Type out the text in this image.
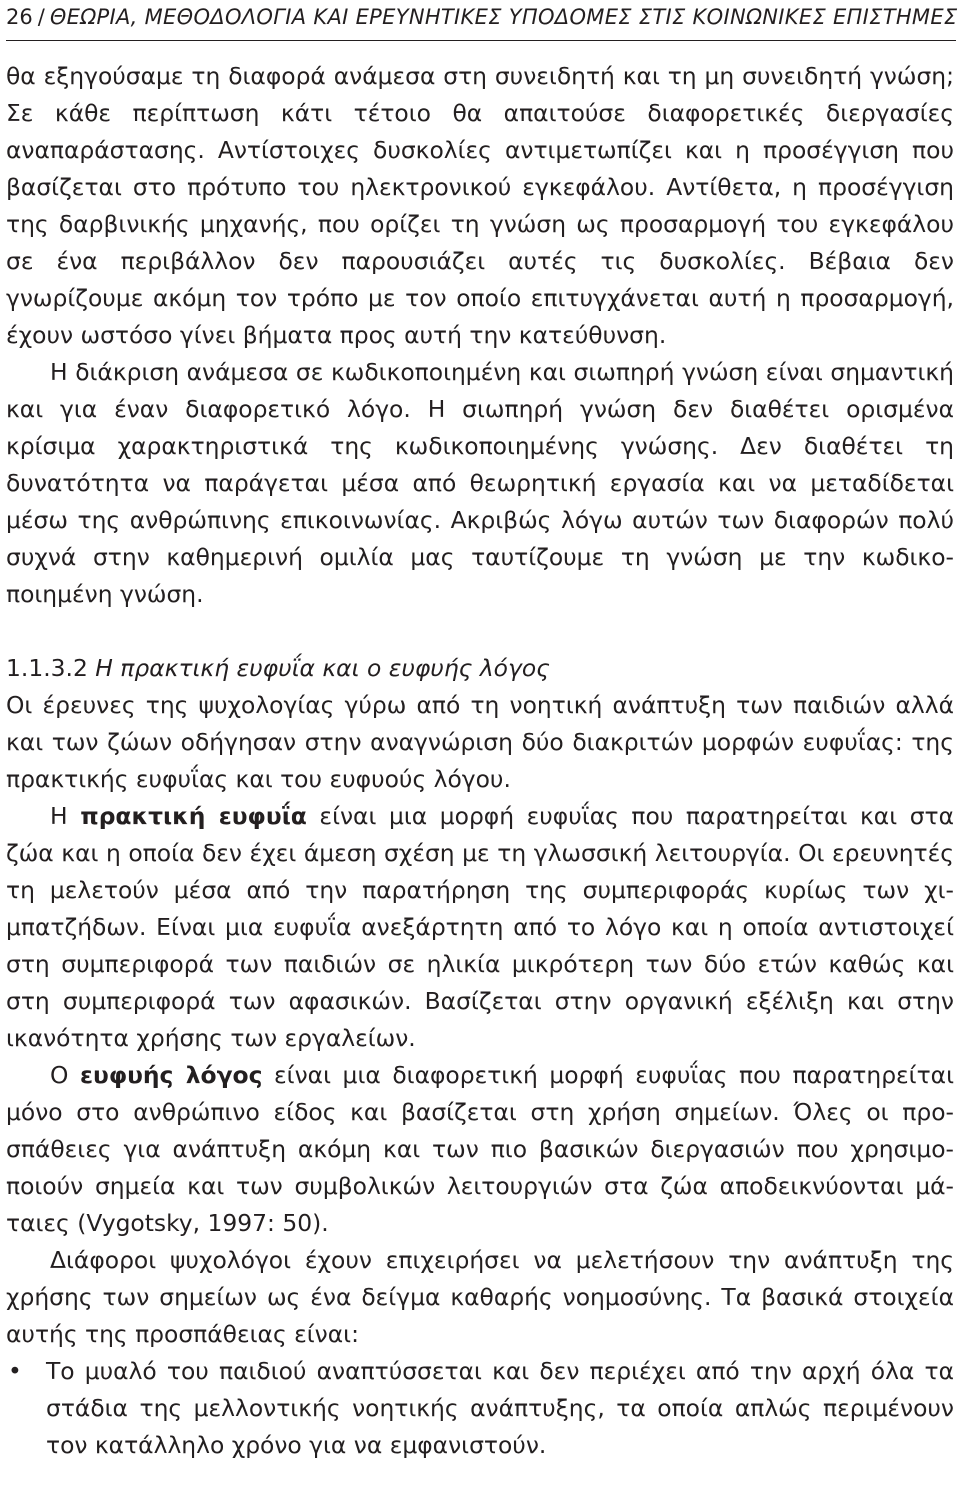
26 / ΘΕΩΡΙΑ, ΜΕΘΟΔΟΛΟΓΙΑ ΚΑΙ ΕΡΕΥΝΗΤΙΚΕΣ ΥΠΟΔΟΜΕΣ ΣΤΙΣ ΚΟΙΝΩΝΙΚΕΣ ΕΠΙΣΤΗΜΕΣ

θα εξηγούσαμε τη διαφορά ανάμεσα στη συνειδητή και τη μη συνειδητή γνώση; Σε κάθε περίπτωση κάτι τέτοιο θα απαιτούσε διαφορετικές διεργασίες αναπαράστασης. Αντίστοιχες δυσκολίες αντιμετωπίζει και η προσέγγιση που βασίζεται στο πρότυπο του ηλεκτρονικού εγκεφάλου. Αντίθετα, η προσέγγιση της δαρβινικής μηχανής, που ορίζει τη γνώση ως προσαρμογή του εγκεφάλου σε ένα περιβάλλον δεν παρουσιάζει αυτές τις δυσκολίες. Βέβαια δεν γνωρίζουμε ακόμη τον τρόπο με τον οποίο επιτυγχάνεται αυτή η προσαρμογή, έχουν ωστόσο γίνει βήματα προς αυτή την κατεύθυνση.

Η διάκριση ανάμεσα σε κωδικοποιημένη και σιωπηρή γνώση είναι σημαντική και για έναν διαφορετικό λόγο. Η σιωπηρή γνώση δεν διαθέτει ορισμένα κρίσιμα χαρακτηριστικά της κωδικοποιημένης γνώσης. Δεν διαθέτει τη δυνατότητα να παράγεται μέσα από θεωρητική εργασία και να μεταδίδεται μέσω της ανθρώπινης επικοινωνίας. Ακριβώς λόγω αυτών των διαφορών πολύ συχνά στην καθημερινή ομιλία μας ταυτίζουμε τη γνώση με την κωδικοποιημένη γνώση.

1.1.3.2 Η πρακτική ευφυΐα και ο ευφυής λόγος

Οι έρευνες της ψυχολογίας γύρω από τη νοητική ανάπτυξη των παιδιών αλλά και των ζώων οδήγησαν στην αναγνώριση δύο διακριτών μορφών ευφυΐας: της πρακτικής ευφυΐας και του ευφυούς λόγου.

Η πρακτική ευφυΐα είναι μια μορφή ευφυΐας που παρατηρείται και στα ζώα και η οποία δεν έχει άμεση σχέση με τη γλωσσική λειτουργία. Οι ερευνητές τη μελετούν μέσα από την παρατήρηση της συμπεριφοράς κυρίως των χιμπατζήδων. Είναι μια ευφυΐα ανεξάρτητη από το λόγο και η οποία αντιστοιχεί στη συμπεριφορά των παιδιών σε ηλικία μικρότερη των δύο ετών καθώς και στη συμπεριφορά των αφασικών. Βασίζεται στην οργανική εξέλιξη και στην ικανότητα χρήσης των εργαλείων.

Ο ευφυής λόγος είναι μια διαφορετική μορφή ευφυΐας που παρατηρείται μόνο στο ανθρώπινο είδος και βασίζεται στη χρήση σημείων. Όλες οι προσπάθειες για ανάπτυξη ακόμη και των πιο βασικών διεργασιών που χρησιμοποιούν σημεία και των συμβολικών λειτουργιών στα ζώα αποδεικνύονται μάταιες (Vygotsky, 1997: 50).

Διάφοροι ψυχολόγοι έχουν επιχειρήσει να μελετήσουν την ανάπτυξη της χρήσης των σημείων ως ένα δείγμα καθαρής νοημοσύνης. Τα βασικά στοιχεία αυτής της προσπάθειας είναι:

• Το μυαλό του παιδιού αναπτύσσεται και δεν περιέχει από την αρχή όλα τα στάδια της μελλοντικής νοητικής ανάπτυξης, τα οποία απλώς περιμένουν τον κατάλληλο χρόνο για να εμφανιστούν.
